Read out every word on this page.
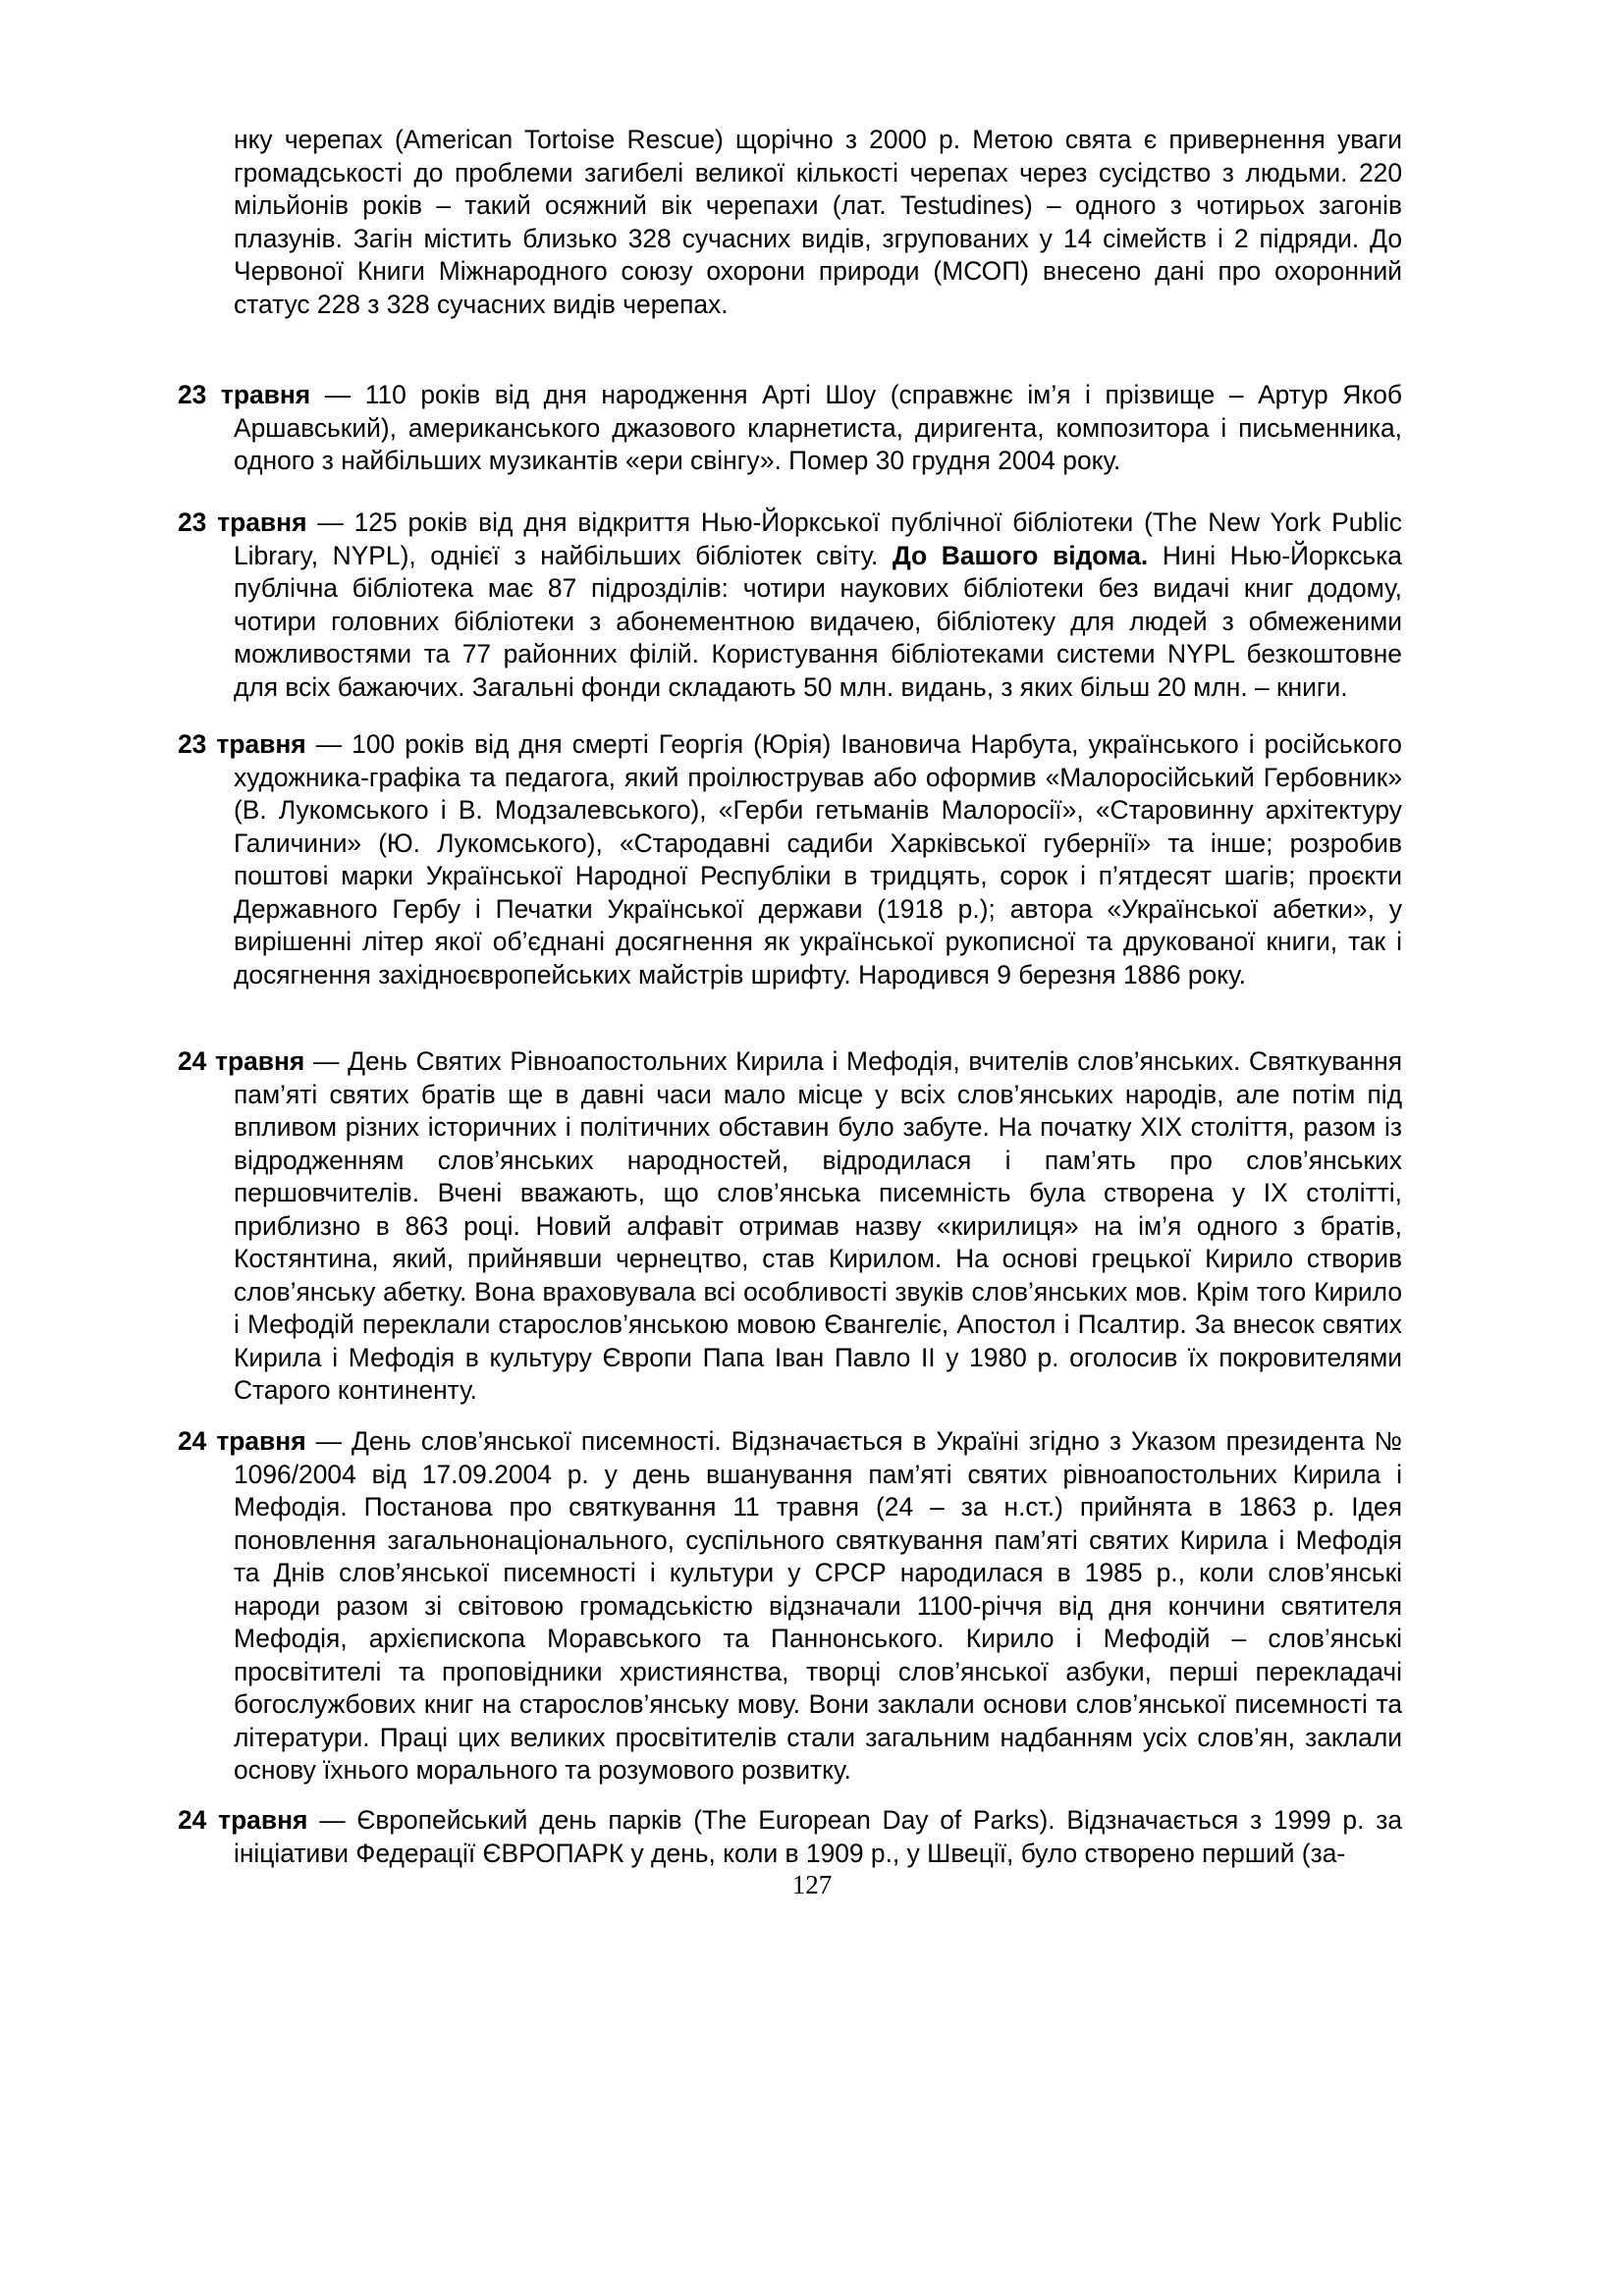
нку черепах (American Tortoise Rescue) щорічно з 2000 р. Метою свята є привернення уваги громадськості до проблеми загибелі великої кількості черепах через сусідство з людьми. 220 мільйонів років – такий осяжний вік черепахи (лат. Testudines) – одного з чотирьох загонів плазунів. Загін містить близько 328 сучасних видів, згрупованих у 14 сімейств і 2 підряди. До Червоної Книги Міжнародного союзу охорони природи (МСОП) внесено дані про охоронний статус 228 з 328 сучасних видів черепах.

23 травня — 110 років від дня народження Арті Шоу (справжнє ім’я і прізвище – Артур Якоб Аршавський), американського джазового кларнетиста, диригента, композитора і письменника, одного з найбільших музикантів «ери свінгу». Помер 30 грудня 2004 року.

23 травня — 125 років від дня відкриття Нью-Йоркської публічної бібліотеки (The New York Public Library, NYPL), однієї з найбільших бібліотек світу. До Вашого відома. Нині Нью-Йоркська публічна бібліотека має 87 підрозділів: чотири наукових бібліотеки без видачі книг додому, чотири головних бібліотеки з абонементною видачею, бібліотеку для людей з обмеженими можливостями та 77 районних філій. Користування бібліотеками системи NYPL безкоштовне для всіх бажаючих. Загальні фонди складають 50 млн. видань, з яких більш 20 млн. – книги.

23 травня — 100 років від дня смерті Георгія (Юрія) Івановича Нарбута, українського і російського художника-графіка та педагога, який проілюстрував або оформив «Малоросійський Гербовник» (В. Лукомського і В. Модзалевського), «Герби гетьманів Малоросії», «Старовинну архітектуру Галичини» (Ю. Лукомського), «Стародавні садиби Харківської губернії» та інше; розробив поштові марки Української Народної Республіки в тридцять, сорок і п’ятдесят шагів; проєкти Державного Гербу і Печатки Української держави (1918 р.); автора «Української абетки», у вирішенні літер якої об’єднані досягнення як української рукописної та друкованої книги, так і досягнення західноєвропейських майстрів шрифту. Народився 9 березня 1886 року.

24 травня — День Святих Рівноапостольних Кирила і Мефодія, вчителів слов’янських. Святкування пам’яті святих братів ще в давні часи мало місце у всіх слов’янських народів, але потім під впливом різних історичних і політичних обставин було забуте. На початку XIX століття, разом із відродженням слов’янських народностей, відродилася і пам’ять про слов’янських першовчителів. Вчені вважають, що слов’янська писемність була створена у IX столітті, приблизно в 863 році. Новий алфавіт отримав назву «кирилиця» на ім’я одного з братів, Костянтина, який, прийнявши чернецтво, став Кирилом. На основі грецької Кирило створив слов’янську абетку. Вона враховувала всі особливості звуків слов’янських мов. Крім того Кирило і Мефодій переклали старослов’янською мовою Євангеліє, Апостол і Псалтир. За внесок святих Кирила і Мефодія в культуру Європи Папа Іван Павло II у 1980 р. оголосив їх покровителями Старого континенту.

24 травня — День слов’янської писемності. Відзначається в Україні згідно з Указом президента № 1096/2004 від 17.09.2004 р. у день вшанування пам’яті святих рівноапостольних Кирила і Мефодія. Постанова про святкування 11 травня (24 – за н.ст.) прийнята в 1863 р. Ідея поновлення загальнонаціонального, суспільного святкування пам’яті святих Кирила і Мефодія та Днів слов’янської писемності і культури у СРСР народилася в 1985 р., коли слов’янські народи разом зі світовою громадськістю відзначали 1100-річчя від дня кончини святителя Мефодія, архієпископа Моравського та Паннонського. Кирило і Мефодій – слов’янські просвітителі та проповідники християнства, творці слов’янської азбуки, перші перекладачі богослужбових книг на старослов’янську мову. Вони заклали основи слов’янської писемності та літератури. Праці цих великих просвітителів стали загальним надбанням усіх слов’ян, заклали основу їхнього морального та розумового розвитку.

24 травня — Європейський день парків (The European Day of Parks). Відзначається з 1999 р. за ініціативи Федерації ЄВРОПАРК у день, коли в 1909 р., у Швеції, було створено перший (за-

127
